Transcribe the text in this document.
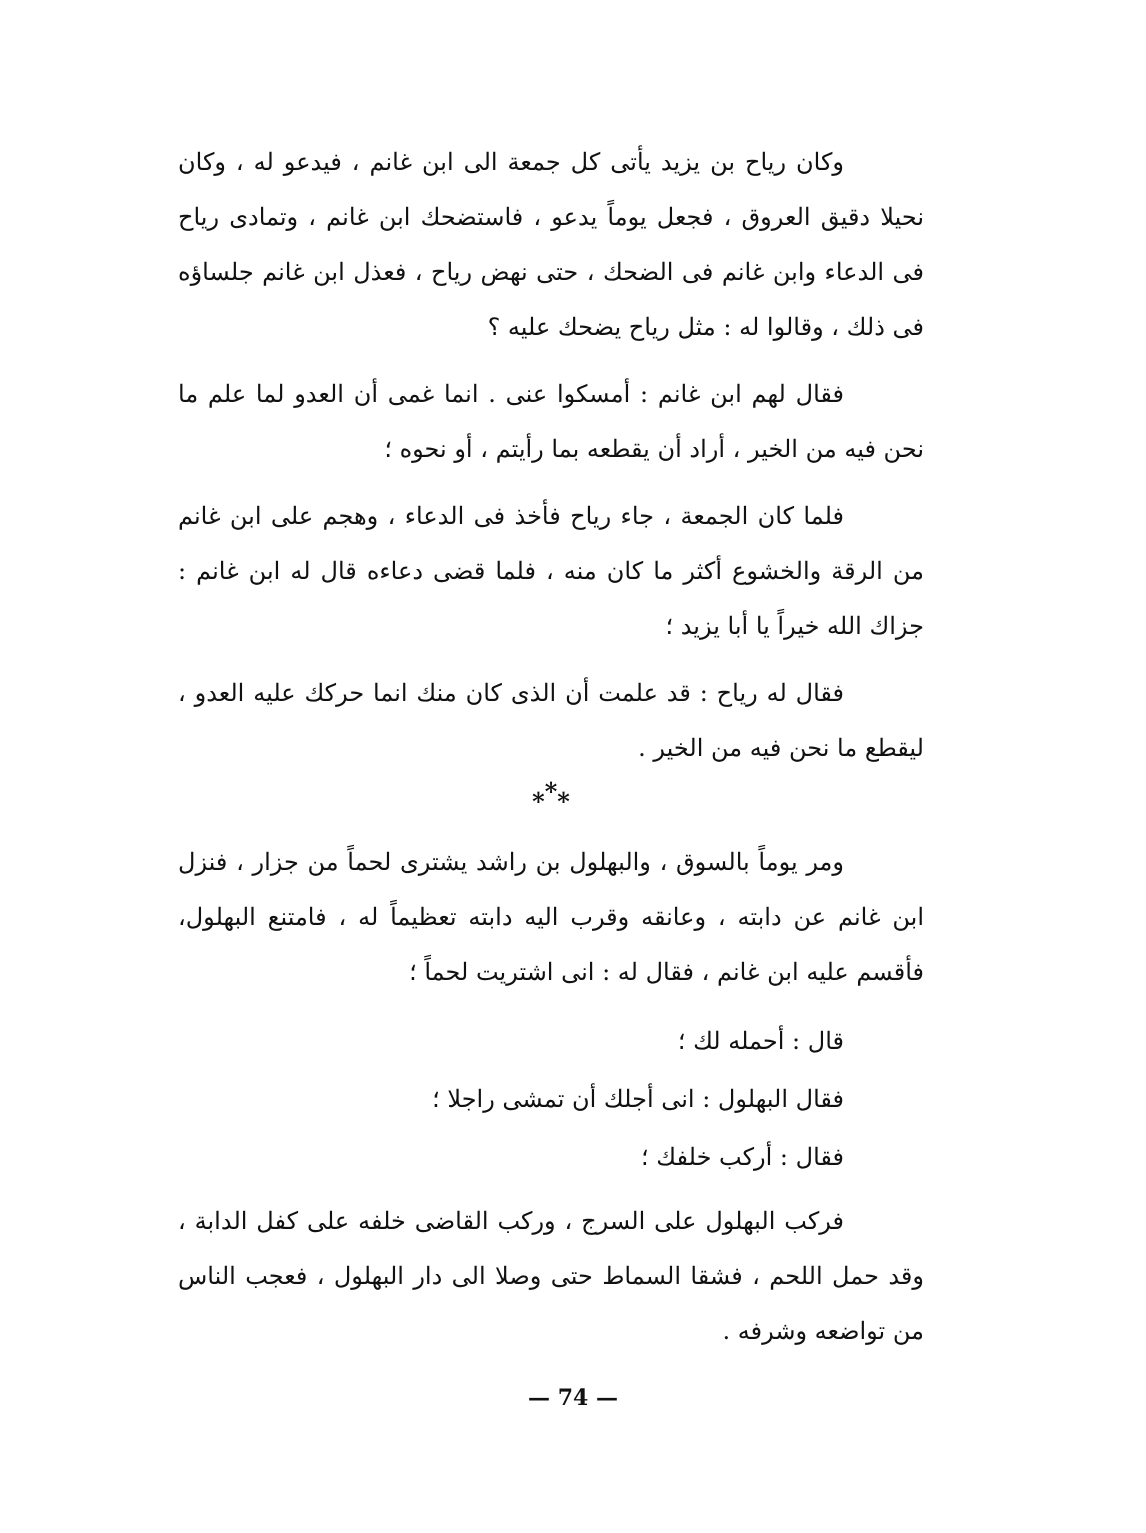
وكان رياح بن يزيد يأتى كل جمعة الى ابن غانم ، فيدعو له ، وكان نحيلا دقيق العروق ، فجعل يوماً يدعو ، فاستضحك ابن غانم ، وتمادى رياح فى الدعاء وابن غانم فى الضحك ، حتى نهض رياح ، فعذل ابن غانم جلساؤه فى ذلك ، وقالوا له : مثل رياح يضحك عليه ؟

فقال لهم ابن غانم : أمسكوا عنى . انما غمى أن العدو لما علم ما نحن فيه من الخير ، أراد أن يقطعه بما رأيتم ، أو نحوه ؛

فلما كان الجمعة ، جاء رياح فأخذ فى الدعاء ، وهجم على ابن غانم من الرقة والخشوع أكثر ما كان منه ، فلما قضى دعاءه قال له ابن غانم : جزاك الله خيراً يا أبا يزيد ؛

فقال له رياح : قد علمت أن الذى كان منك انما حركك عليه العدو ، ليقطع ما نحن فيه من الخير .

***

ومر يوماً بالسوق ، والبهلول بن راشد يشترى لحماً من جزار ، فنزل ابن غانم عن دابته ، وعانقه وقرب اليه دابته تعظيماً له ، فامتنع البهلول، فأقسم عليه ابن غانم ، فقال له : انى اشتريت لحماً ؛

قال : أحمله لك ؛

فقال البهلول : انى أجلك أن تمشى راجلا ؛

فقال : أركب خلفك ؛

فركب البهلول على السرج ، وركب القاضى خلفه على كفل الدابة ، وقد حمل اللحم ، فشقا السماط حتى وصلا الى دار البهلول ، فعجب الناس من تواضعه وشرفه .

— 74 —
